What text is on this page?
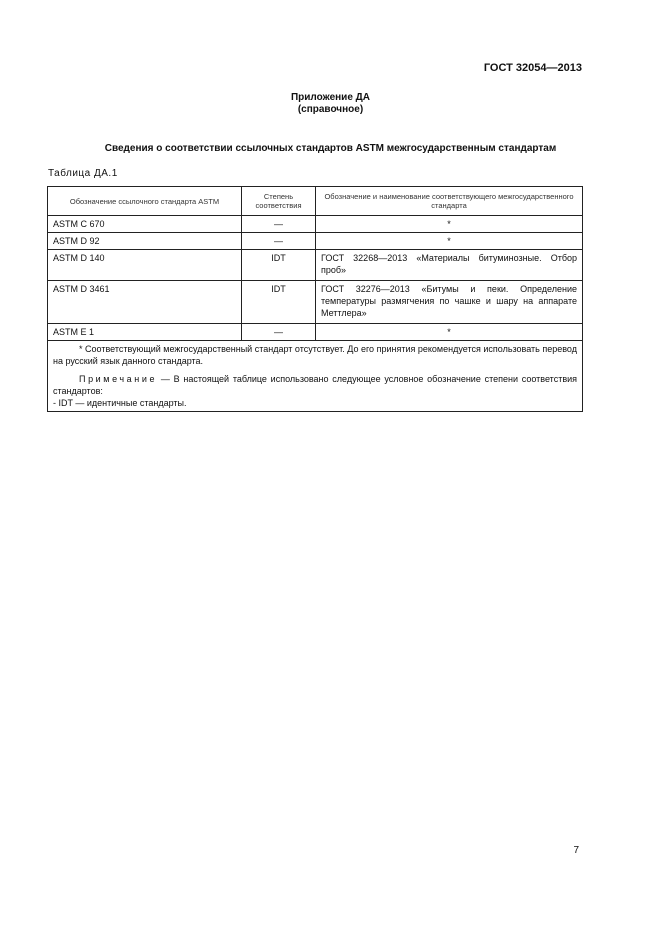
ГОСТ 32054—2013
Приложение ДА
(справочное)
Сведения о соответствии ссылочных стандартов ASTM межгосударственным стандартам
Таблица ДА.1
Обозначение ссылочного стандарта ASTM	Степень соответствия	Обозначение и наименование соответствующего межгосударственного стандарта
ASTM C 670	—	*
ASTM D 92	—	*
ASTM D 140	IDT	ГОСТ 32268—2013 «Материалы битуминозные. Отбор проб»
ASTM D 3461	IDT	ГОСТ 32276—2013 «Битумы и пеки. Определение температуры размягчения по чашке и шару на аппарате Меттлера»
ASTM E 1	—	*

* Соответствующий межгосударственный стандарт отсутствует. До его принятия рекомендуется использовать перевод на русский язык данного стандарта.

Примечание — В настоящей таблице использовано следующее условное обозначение степени соответствия стандартов:

- IDT — идентичные стандарты.		
7
